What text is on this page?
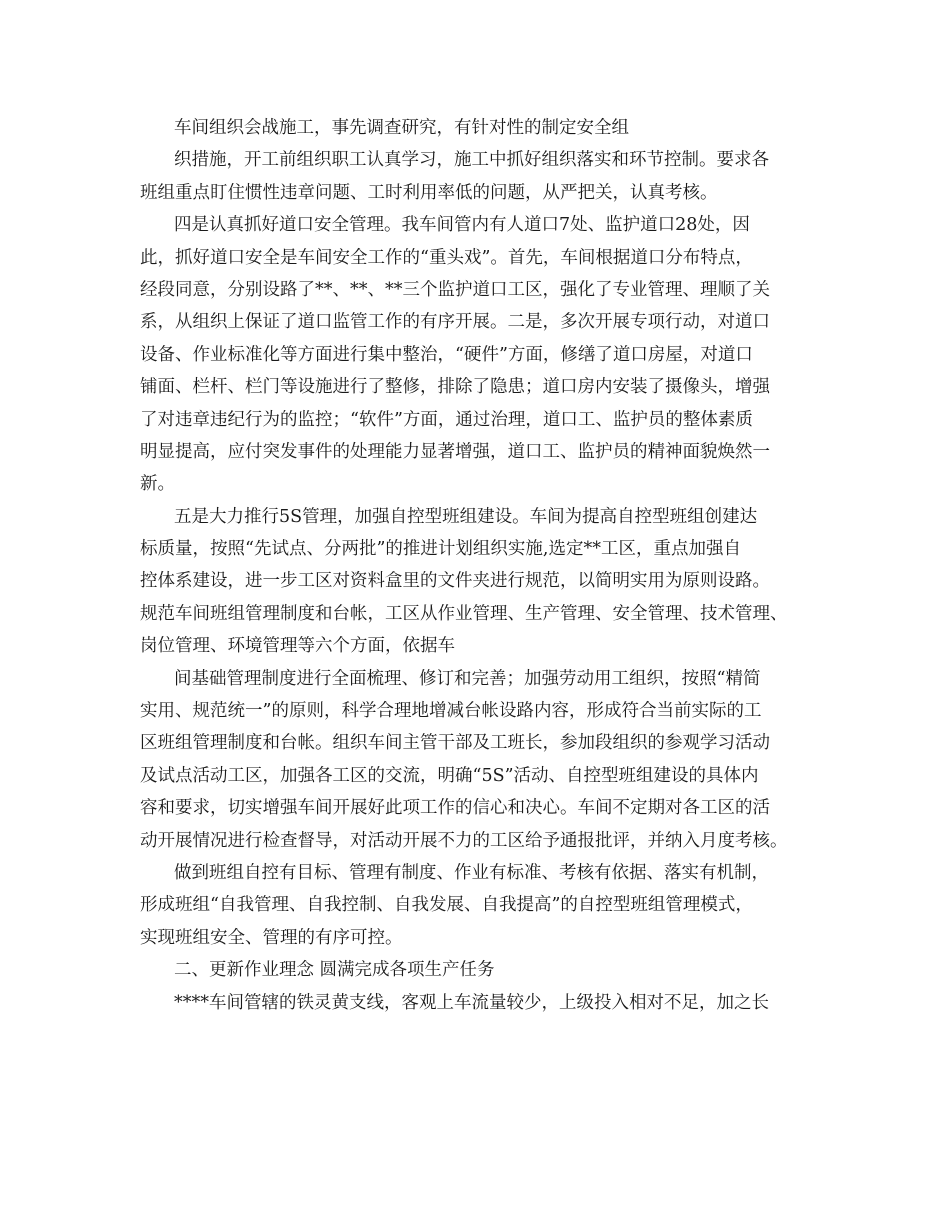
车间组织会战施工，事先调查研究，有针对性的制定安全组
织措施，开工前组织职工认真学习，施工中抓好组织落实和环节控制。要求各
班组重点盯住惯性违章问题、工时利用率低的问题，从严把关，认真考核。
四是认真抓好道口安全管理。我车间管内有人道口7处、监护道口28处，因
此，抓好道口安全是车间安全工作的“重头戏”。首先，车间根据道口分布特点，
经段同意，分别设路了**、**、**三个监护道口工区，强化了专业管理、理顺了关
系，从组织上保证了道口监管工作的有序开展。二是，多次开展专项行动，对道口
设备、作业标准化等方面进行集中整治，“硬件”方面，修缮了道口房屋，对道口
铺面、栏杆、栏门等设施进行了整修，排除了隐患；道口房内安装了摄像头，增强
了对违章违纪行为的监控；“软件”方面，通过治理，道口工、监护员的整体素质
明显提高，应付突发事件的处理能力显著增强，道口工、监护员的精神面貌焕然一
新。
五是大力推行5S管理，加强自控型班组建设。车间为提高自控型班组创建达
标质量，按照“先试点、分两批”的推进计划组织实施,选定**工区，重点加强自
控体系建设，进一步工区对资料盒里的文件夹进行规范，以简明实用为原则设路。
规范车间班组管理制度和台帐，工区从作业管理、生产管理、安全管理、技术管理、
岗位管理、环境管理等六个方面，依据车
间基础管理制度进行全面梳理、修订和完善；加强劳动用工组织，按照“精简
实用、规范统一”的原则，科学合理地增减台帐设路内容，形成符合当前实际的工
区班组管理制度和台帐。组织车间主管干部及工班长，参加段组织的参观学习活动
及试点活动工区，加强各工区的交流，明确“5S”活动、自控型班组建设的具体内
容和要求，切实增强车间开展好此项工作的信心和决心。车间不定期对各工区的活
动开展情况进行检查督导，对活动开展不力的工区给予通报批评，并纳入月度考核。
做到班组自控有目标、管理有制度、作业有标准、考核有依据、落实有机制，
形成班组“自我管理、自我控制、自我发展、自我提高”的自控型班组管理模式，
实现班组安全、管理的有序可控。
二、更新作业理念 圆满完成各项生产任务
****车间管辖的铁灵黄支线，客观上车流量较少，上级投入相对不足，加之长
